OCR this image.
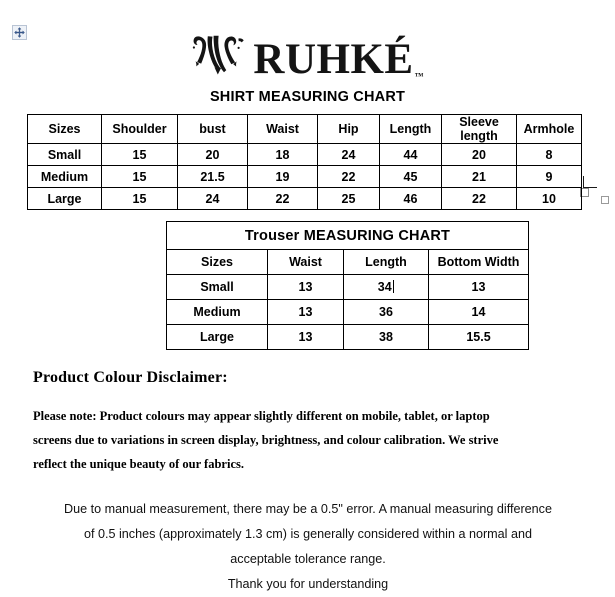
RUHKÉ ™
SHIRT MEASURING CHART
Sizes	Shoulder	bust	Waist	Hip	Length	Sleeve length	Armhole
Small	15	20	18	24	44	20	8
Medium	15	21.5	19	22	45	21	9
Large	15	24	22	25	46	22	10
Trouser MEASURING CHART			
Sizes	Waist	Length	Bottom Width
Small	13	34	13
Medium	13	36	14
Large	13	38	15.5
Product Colour Disclaimer:
Please note: Product colours may appear slightly different on mobile, tablet, or laptop
screens due to variations in screen display, brightness, and colour calibration. We strive
reflect the unique beauty of our fabrics.
Due to manual measurement, there may be a 0.5" error. A manual measuring difference
of 0.5 inches (approximately 1.3 cm) is generally considered within a normal and
acceptable tolerance range.
Thank you for understanding
